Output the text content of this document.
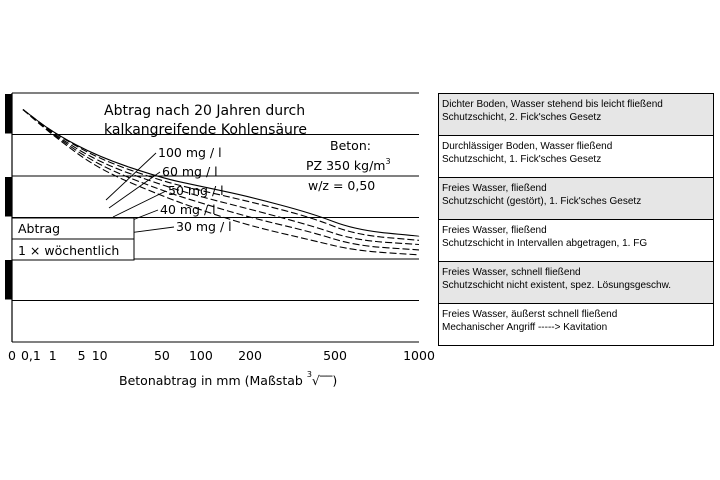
100 mg / l
60 mg / l
50 mg / l
40 mg / l
30 mg / l
0 0,1 1 5 10	50 100 200	500	1000
Abtrag nach 20 Jahren durch
kalkangreifende Kohlensäure
Beton:
PZ 350 $kg/m^3$
w/z = 0,50
Abtrag
1 × wöchentlich
Betonabtrag in mm (Maßstab $^3$√‾‾)
Dichter Boden, Wasser stehend bis leicht fließend
Schutzschicht, 2. Fick'sches Gesetz

Durchlässiger Boden, Wasser fließend
Schutzschicht, 1. Fick'sches Gesetz

Freies Wasser, fließend
Schutzschicht (gestört), 1. Fick'sches Gesetz

Freies Wasser, fließend
Schutzschicht in Intervallen abgetragen, 1. FG

Freies Wasser, schnell fließend
Schutzschicht nicht existent, spez. Lösungsgeschw.

Freies Wasser, äußerst schnell fließend
Mechanischer Angriff -----> Kavitation
